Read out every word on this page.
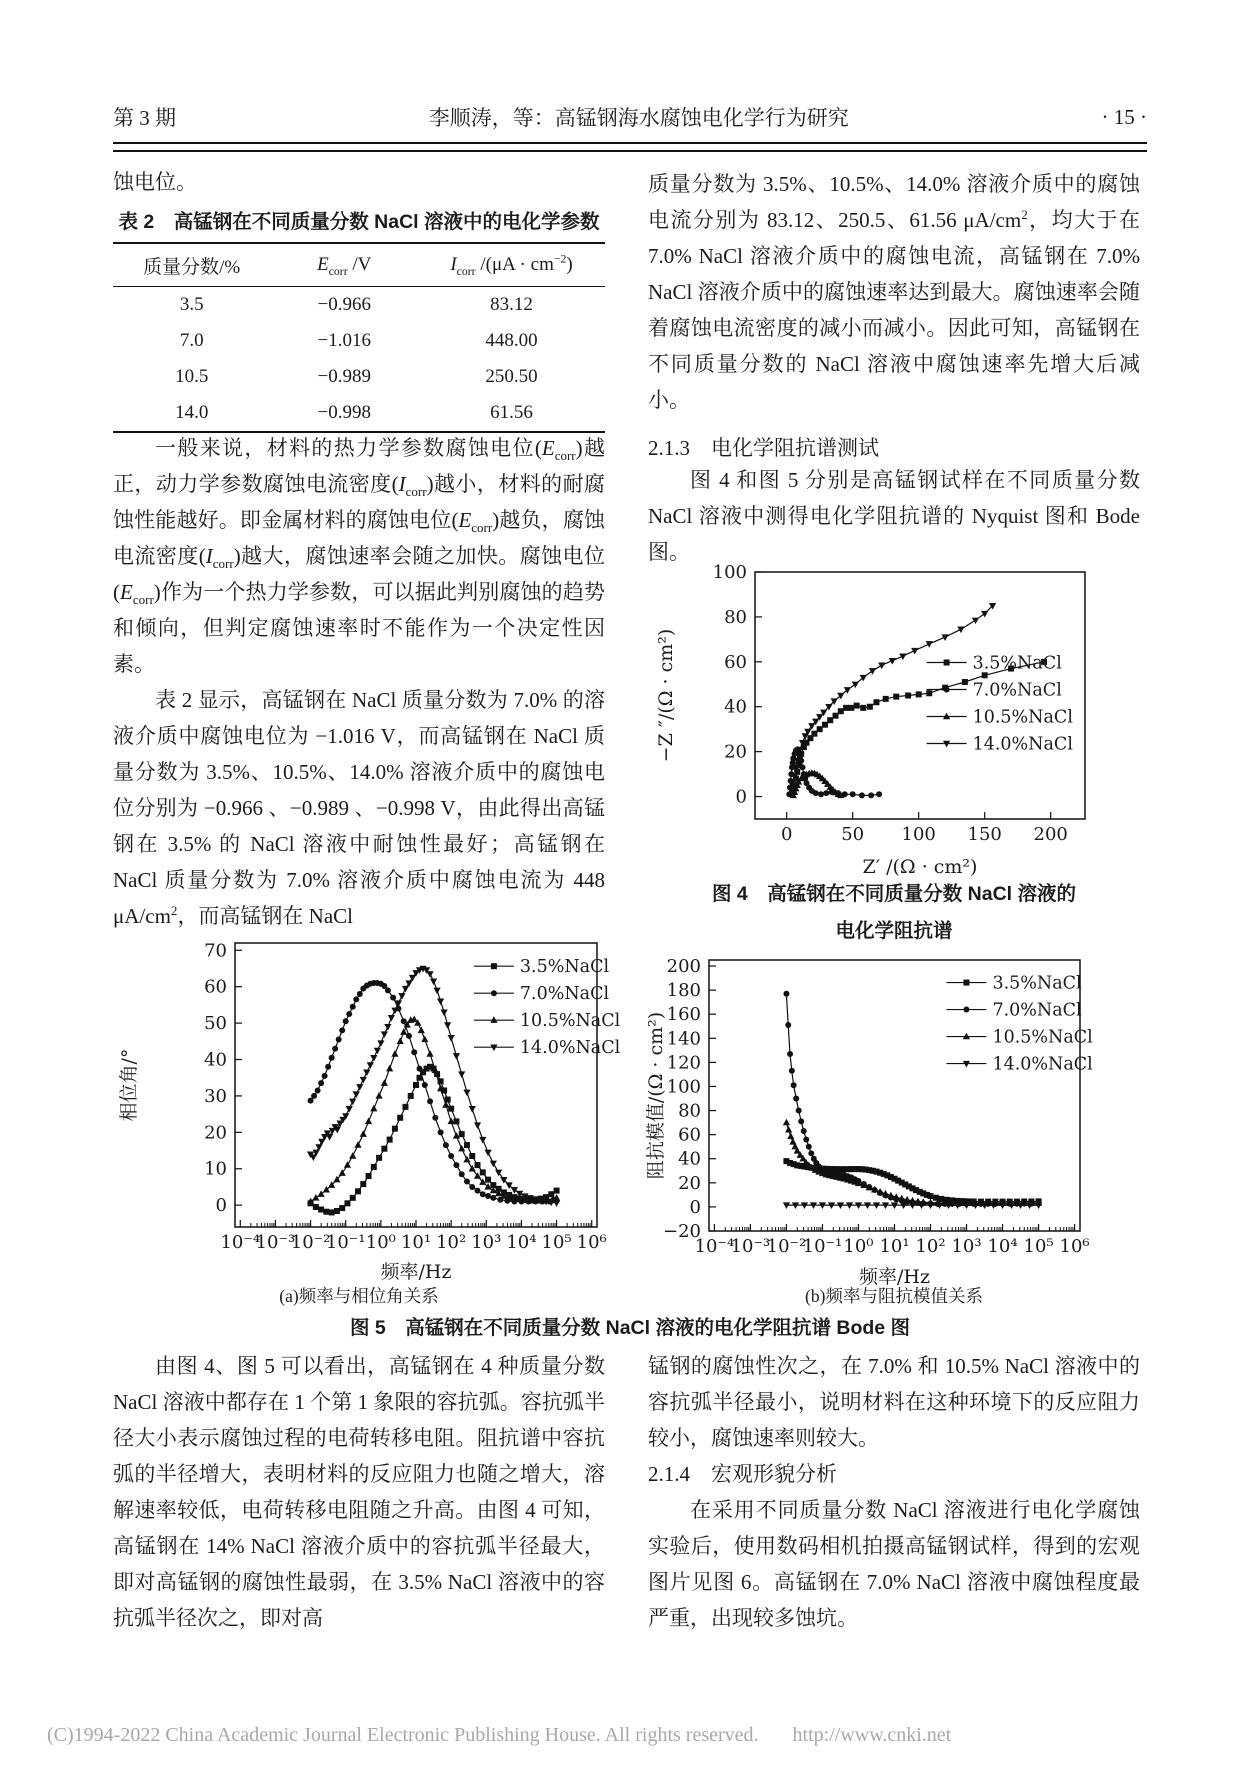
第 3 期	李顺涛，等：高锰钢海水腐蚀电化学行为研究	· 15 ·

蚀电位。

表 2　高锰钢在不同质量分数 NaCl 溶液中的电化学参数
质量分数/%	$E_{corr}$ /V	$I_{corr}$ $/(\mu A \cdot cm^{-2})$
3.5	−0.966	83.12
7.0	−1.016	448.00
10.5	−0.989	250.50
14.0	−0.998	61.56

一般来说，材料的热力学参数腐蚀电位$(E_{corr})$越正，动力学参数腐蚀电流密度$(I_{corr})$越小，材料的耐腐蚀性能越好。即金属材料的腐蚀电位$(E_{corr})$越负，腐蚀电流密度$(I_{corr})$越大，腐蚀速率会随之加快。腐蚀电位$(E_{corr})$作为一个热力学参数，可以据此判别腐蚀的趋势和倾向，但判定腐蚀速率时不能作为一个决定性因素。

表 2 显示，高锰钢在 NaCl 质量分数为 7.0% 的溶液介质中腐蚀电位为 −1.016 V，而高锰钢在 NaCl 质量分数为 3.5%、10.5%、14.0% 溶液介质中的腐蚀电位分别为 −0.966 、−0.989 、−0.998 V，由此得出高锰钢在 3.5% 的 NaCl 溶液中耐蚀性最好；高锰钢在 NaCl 质量分数为 7.0% 溶液介质中腐蚀电流为 448 $\mu A/cm^2$，而高锰钢在 NaCl

10⁻⁴
10⁻³
10⁻²
10⁻¹ 10⁰ 10¹ 10² 10³ 10⁴ 10⁵ 10⁶
0
10
20
30
40
50
60
70
频率/Hz
相位角/°
3.5%NaCl
7.0%NaCl
10.5%NaCl
14.0%NaCl
(a)频率与相位角关系

质量分数为 3.5%、10.5%、14.0% 溶液介质中的腐蚀电流分别为 83.12、250.5、61.56 $\mu A/cm^2$，均大于在 7.0% NaCl 溶液介质中的腐蚀电流，高锰钢在 7.0% NaCl 溶液介质中的腐蚀速率达到最大。腐蚀速率会随着腐蚀电流密度的减小而减小。因此可知，高锰钢在不同质量分数的 NaCl 溶液中腐蚀速率先增大后减小。

2.1.3　电化学阻抗谱测试

图 4 和图 5 分别是高锰钢试样在不同质量分数 NaCl 溶液中测得电化学阻抗谱的 Nyquist 图和 Bode 图。

0	50 100 150 200
0
20
40
60
80
100
Z′ /(Ω · cm²)
−Z ″/(Ω · cm²)	3.5%NaCl
7.0%NaCl
10.5%NaCl
14.0%NaCl
图 4　高锰钢在不同质量分数 NaCl 溶液的
电化学阻抗谱
10⁻⁴
10⁻³
10⁻²
10⁻¹ 10⁰ 10¹ 10² 10³ 10⁴ 10⁵ 10⁶
−20
0
20
40
60
80
100
120
140
160
180
200
频率/Hz
阻抗模值/(Ω · cm²)
3.5%NaCl
7.0%NaCl
10.5%NaCl
14.0%NaCl
(b)频率与阻抗模值关系
图 5　高锰钢在不同质量分数 NaCl 溶液的电化学阻抗谱 Bode 图

由图 4、图 5 可以看出，高锰钢在 4 种质量分数 NaCl 溶液中都存在 1 个第 1 象限的容抗弧。容抗弧半径大小表示腐蚀过程的电荷转移电阻。阻抗谱中容抗弧的半径增大，表明材料的反应阻力也随之增大，溶解速率较低，电荷转移电阻随之升高。由图 4 可知，高锰钢在 14% NaCl 溶液介质中的容抗弧半径最大，即对高锰钢的腐蚀性最弱，在 3.5% NaCl 溶液中的容抗弧半径次之，即对高

锰钢的腐蚀性次之，在 7.0% 和 10.5% NaCl 溶液中的容抗弧半径最小，说明材料在这种环境下的反应阻力较小，腐蚀速率则较大。

2.1.4　宏观形貌分析

在采用不同质量分数 NaCl 溶液进行电化学腐蚀实验后，使用数码相机拍摄高锰钢试样，得到的宏观图片见图 6。高锰钢在 7.0% NaCl 溶液中腐蚀程度最严重，出现较多蚀坑。

(C)1994-2022 China Academic Journal Electronic Publishing House. All rights reserved. http://www.cnki.net
